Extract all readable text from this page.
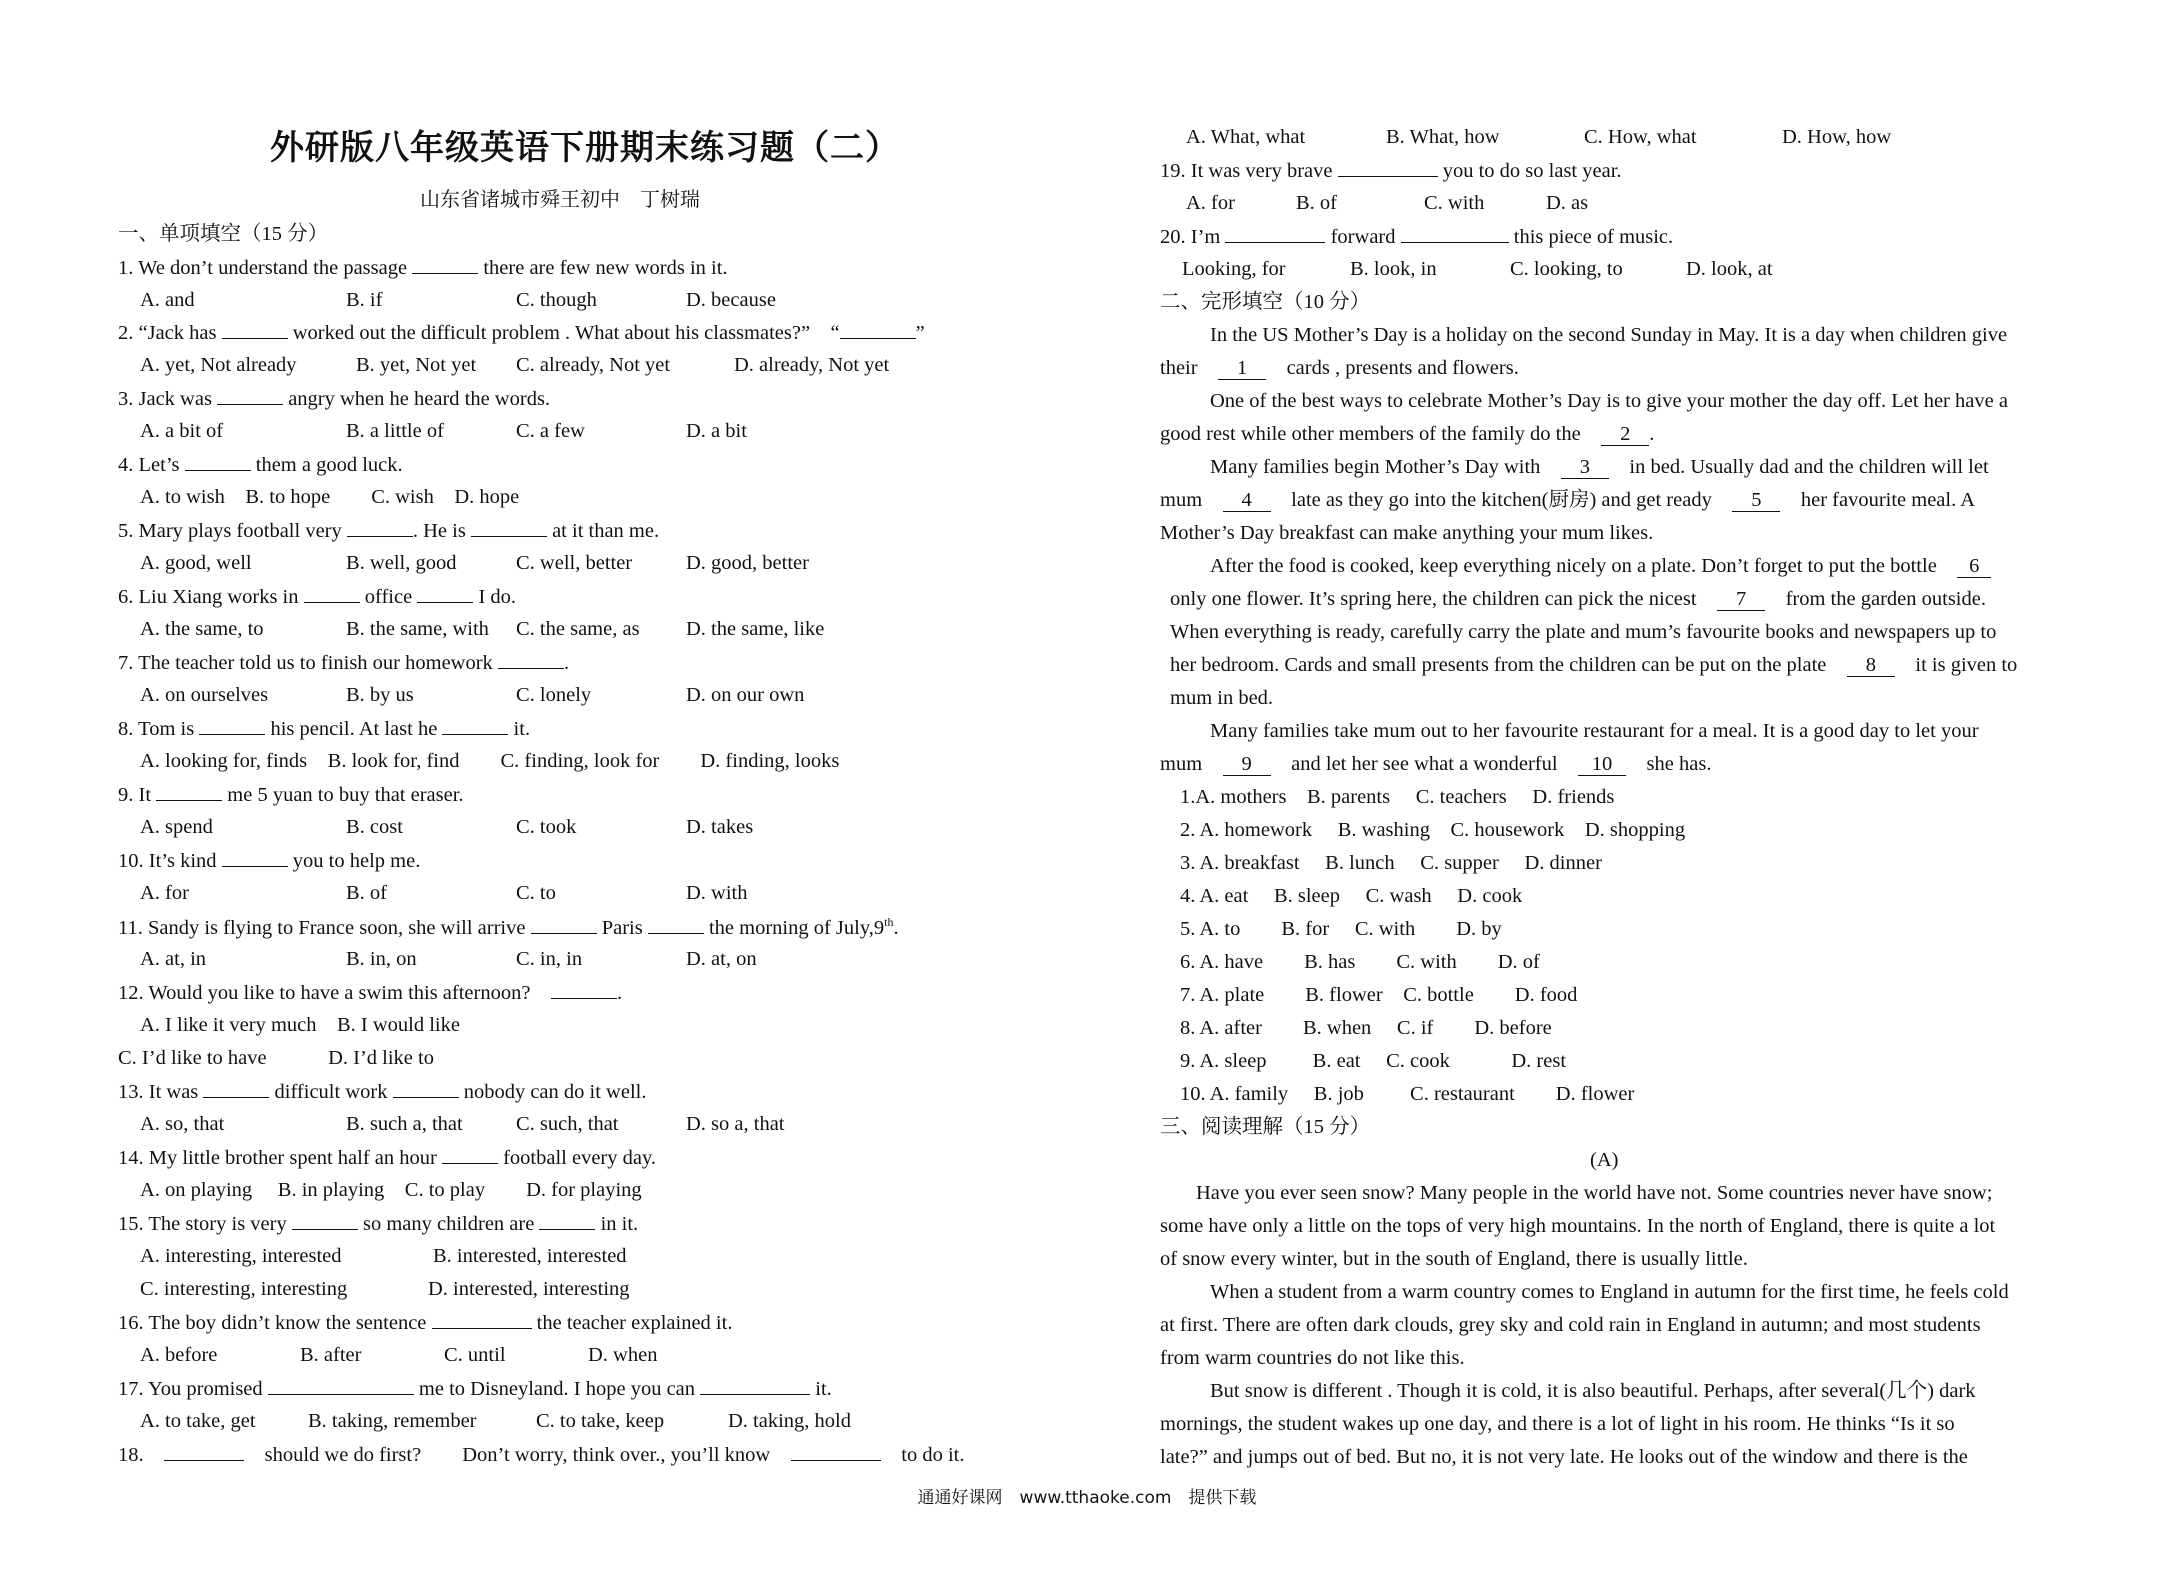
外研版八年级英语下册期末练习题（二）
山东省诸城市舜王初中　丁树瑞
一、单项填空（15 分）
1. We don’t understand the passage	there are few new words in it.
A. and	B. if	C. though	D. because
2. “Jack has	worked out the difficult problem . What about his classmates?”　“	”
A. yet, Not already	B. yet, Not yet C. already, Not yet	D. already, Not yet
3. Jack was	angry when he heard the words.
A. a bit of	B. a little of	C. a few	D. a bit
4. Let’s	them a good luck.
A. to wish　B. to hope　　C. wish　D. hope
5. Mary plays football very	. He is	at it than me.
A. good, well	B. well, good	C. well, better	D. good, better
6. Liu Xiang works in	office	I do.
A. the same, to	B. the same, with C. the same, as D. the same, like
7. The teacher told us to finish our homework	.
A. on ourselves	B. by us	C. lonely	D. on our own
8. Tom is	his pencil. At last he	it.
A. looking for, finds　B. look for, find　　C. finding, look for　　D. finding, looks
9. It	me 5 yuan to buy that eraser.
A. spend	B. cost	C. took	D. takes
10. It’s kind	you to help me.
A. for	B. of	C. to	D. with
11. Sandy is flying to France soon, she will arrive	Paris	the morning of July,9th.
A. at, in	B. in, on	C. in, in	D. at, on
12. Would you like to have a swim this afternoon?　	.
A. I like it very much　B. I would like
C. I’d like to have　　　D. I’d like to
13. It was	difficult work	nobody can do it well.
A. so, that	B. such a, that	C. such, that	D. so a, that
14. My little brother spent half an hour	football every day.
A. on playing　 B. in playing　C. to play　　D. for playing
15. The story is very	so many children are	in it.
A. interesting, interested	B. interested, interested
C. interesting, interesting	D. interested, interesting
16. The boy didn’t know the sentence	the teacher explained it.
A. before	B. after	C. until	D. when
17. You promised	me to Disneyland. I hope you can	it.
A. to take, get	B. taking, remember	C. to take, keep	D. taking, hold
18.　　	should we do first?　　Don’t worry, think over., you’ll know　　	to do it.
A. What, what	B. What, how	C. How, what	D. How, how
19. It was very brave	you to do so last year.
A. for	B. of	C. with	D. as
20. I’m	forward	this piece of music.
Looking, for	B. look, in	C. looking, to	D. look, at
二、完形填空（10 分）
In the US Mother’s Day is a holiday on the second Sunday in May. It is a day when children give
their　 1　 cards , presents and flowers.
One of the best ways to celebrate Mother’s Day is to give your mother the day off. Let her have a
good rest while other members of the family do the　 2 .
Many families begin Mother’s Day with　 3　 in bed. Usually dad and the children will let
mum　 4　 late as they go into the kitchen(厨房) and get ready　 5　 her favourite meal. A
Mother’s Day breakfast can make anything your mum likes.
After the food is cooked, keep everything nicely on a plate. Don’t forget to put the bottle　 6
only one flower. It’s spring here, the children can pick the nicest　 7　 from the garden outside.
When everything is ready, carefully carry the plate and mum’s favourite books and newspapers up to
her bedroom. Cards and small presents from the children can be put on the plate　 8　 it is given to
mum in bed.
Many families take mum out to her favourite restaurant for a meal. It is a good day to let your
mum　 9　 and let her see what a wonderful　 10　 she has.
1.A. mothers　B. parents　 C. teachers　 D. friends
2. A. homework　 B. washing　C. housework　D. shopping
3. A. breakfast　 B. lunch　 C. supper　 D. dinner
4. A. eat　 B. sleep　 C. wash　 D. cook
5. A. to　　B. for　 C. with　　D. by
6. A. have　　B. has　　C. with　　D. of
7. A. plate　　B. flower　C. bottle　　D. food
8. A. after　　B. when　 C. if　　D. before
9. A. sleep　　 B. eat　 C. cook　　　D. rest
10. A. family　 B. job　　 C. restaurant　　D. flower
三、阅读理解（15 分）
(A)
Have you ever seen snow? Many people in the world have not. Some countries never have snow;
some have only a little on the tops of very high mountains. In the north of England, there is quite a lot
of snow every winter, but in the south of England, there is usually little.
When a student from a warm country comes to England in autumn for the first time, he feels cold
at first. There are often dark clouds, grey sky and cold rain in England in autumn; and most students
from warm countries do not like this.
But snow is different . Though it is cold, it is also beautiful. Perhaps, after several(几个) dark
mornings, the student wakes up one day, and there is a lot of light in his room. He thinks “Is it so
late?” and jumps out of bed. But no, it is not very late. He looks out of the window and there is the
通通好课网　www.tthaoke.com　提供下载
